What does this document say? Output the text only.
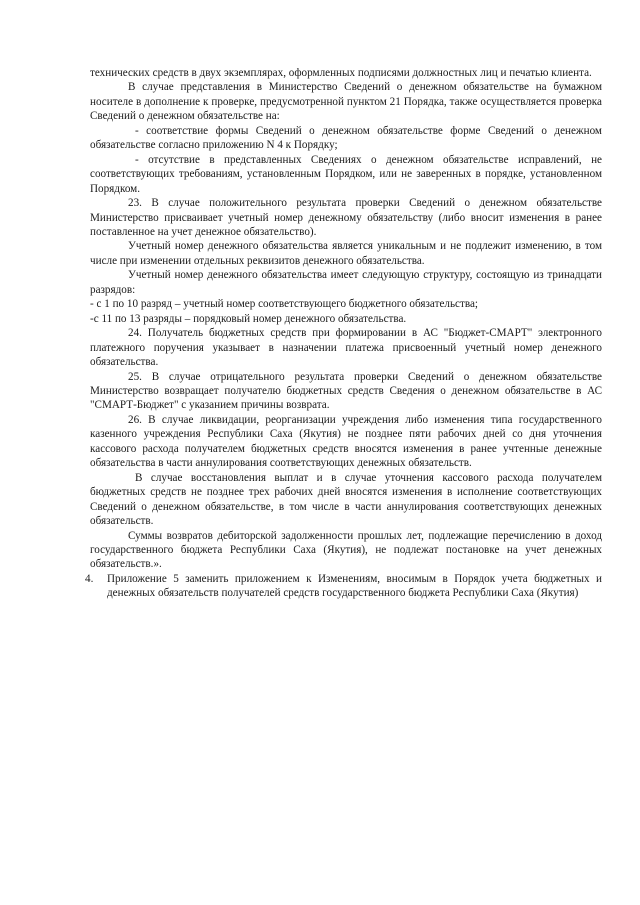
технических средств в двух экземплярах, оформленных подписями должностных лиц и печатью клиента.

В случае представления в Министерство Сведений о денежном обязательстве на бумажном носителе в дополнение к проверке, предусмотренной пунктом 21 Порядка, также осуществляется проверка Сведений о денежном обязательстве на:

- соответствие формы Сведений о денежном обязательстве форме Сведений о денежном обязательстве согласно приложению N 4 к Порядку;

- отсутствие в представленных Сведениях о денежном обязательстве исправлений, не соответствующих требованиям, установленным Порядком, или не заверенных в порядке, установленном Порядком.

23. В случае положительного результата проверки Сведений о денежном обязательстве Министерство присваивает учетный номер денежному обязательству (либо вносит изменения в ранее поставленное на учет денежное обязательство).

Учетный номер денежного обязательства является уникальным и не подлежит изменению, в том числе при изменении отдельных реквизитов денежного обязательства.

Учетный номер денежного обязательства имеет следующую структуру, состоящую из тринадцати разрядов:

- с 1 по 10 разряд – учетный номер соответствующего бюджетного обязательства;

-с 11 по 13 разряды – порядковый номер денежного обязательства.

24. Получатель бюджетных средств при формировании в АС "Бюджет-СМАРТ" электронного платежного поручения указывает в назначении платежа присвоенный учетный номер денежного обязательства.

25. В случае отрицательного результата проверки Сведений о денежном обязательстве Министерство возвращает получателю бюджетных средств Сведения о денежном обязательстве в АС "СМАРТ-Бюджет" с указанием причины возврата.

26. В случае ликвидации, реорганизации учреждения либо изменения типа государственного казенного учреждения Республики Саха (Якутия) не позднее пяти рабочих дней со дня уточнения кассового расхода получателем бюджетных средств вносятся изменения в ранее учтенные денежные обязательства в части аннулирования соответствующих денежных обязательств.

В случае восстановления выплат и в случае уточнения кассового расхода получателем бюджетных средств не позднее трех рабочих дней вносятся изменения в исполнение соответствующих Сведений о денежном обязательстве, в том числе в части аннулирования соответствующих денежных обязательств.

Суммы возвратов дебиторской задолженности прошлых лет, подлежащие перечислению в доход государственного бюджета Республики Саха (Якутия), не подлежат постановке на учет денежных обязательств.».

4.	Приложение 5 заменить приложением к Изменениям, вносимым в Порядок учета бюджетных и денежных обязательств получателей средств государственного бюджета Республики Саха (Якутия)
